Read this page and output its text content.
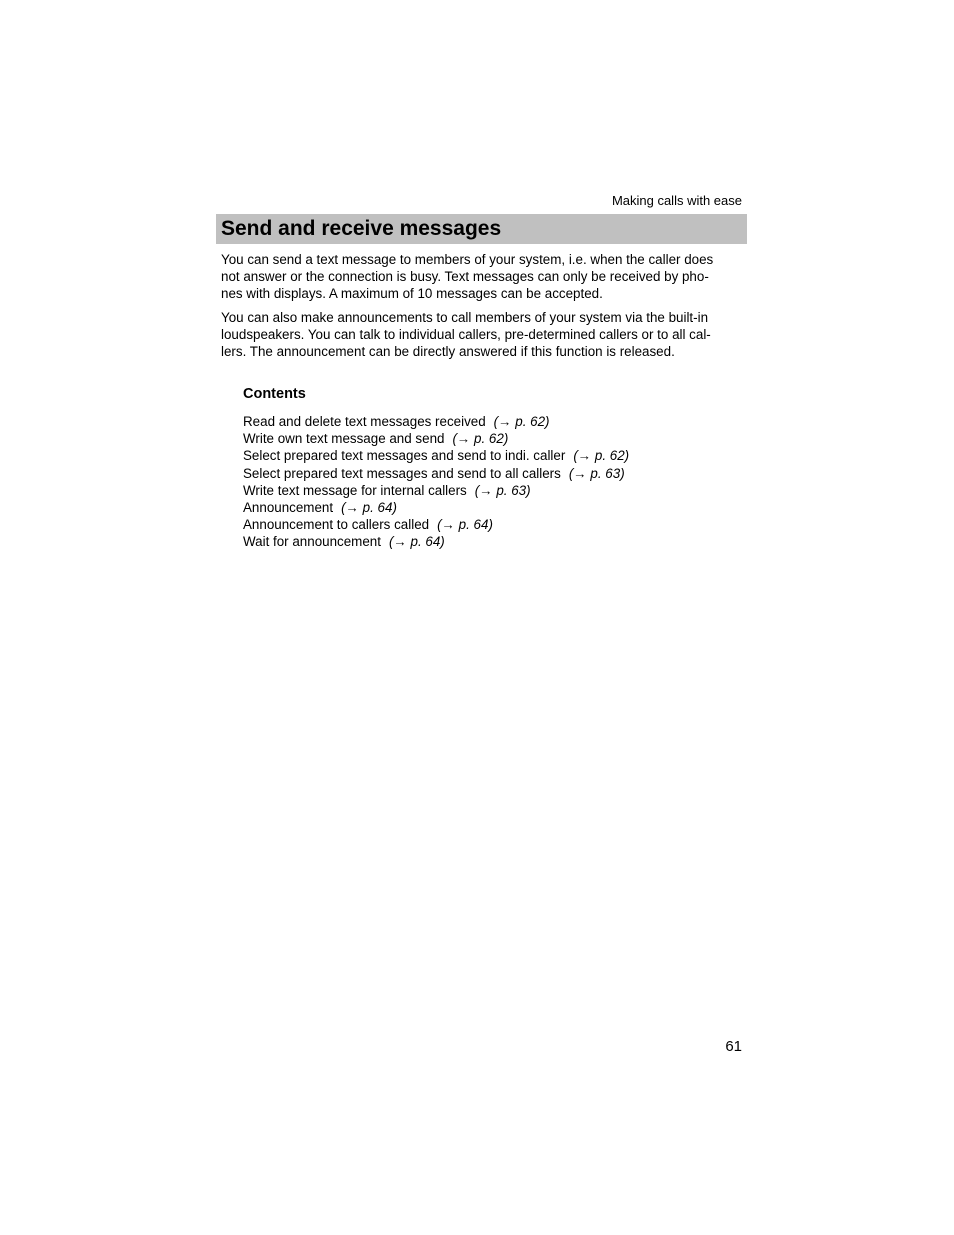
Making calls with ease
Send and receive messages
You can send a text message to members of your system, i.e. when the caller does
not answer or the connection is busy. Text messages can only be received by pho-
nes with displays. A maximum of 10 messages can be accepted.
You can also make announcements to call members of your system via the built-in
loudspeakers. You can talk to individual callers, pre-determined callers or to all cal-
lers. The announcement can be directly answered if this function is released.
Contents
Read and delete text messages received (→ p. 62)
Write own text message and send (→ p. 62)
Select prepared text messages and send to indi. caller (→ p. 62)
Select prepared text messages and send to all callers (→ p. 63)
Write text message for internal callers (→ p. 63)
Announcement (→ p. 64)
Announcement to callers called (→ p. 64)
Wait for announcement (→ p. 64)
61
